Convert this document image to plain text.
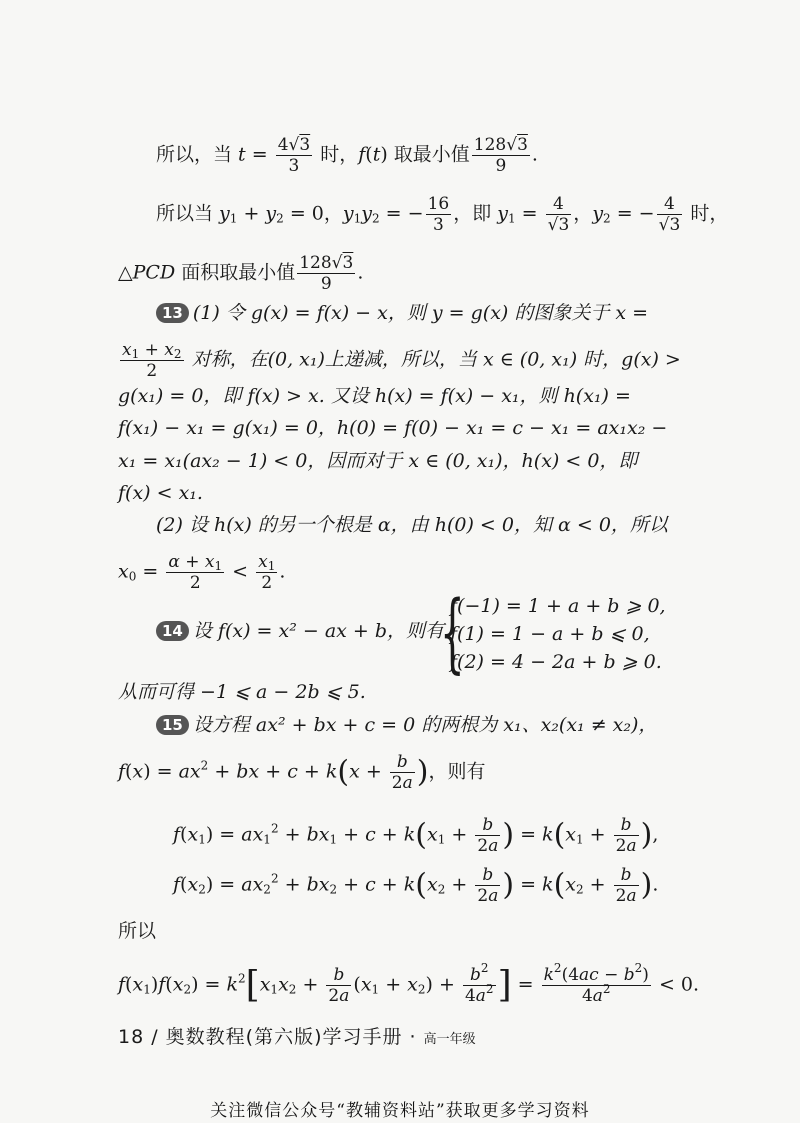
所以，当 $t = \frac{4√3}{3}$ 时，f(t) 取最小值 $\frac{128√3}{9}$ .
所以当 $y_1 + y_2 = 0$，$y_1y_2$ = − $\frac{16}{3}$ ，即 $y_1 = \frac{4}{√3}$ ，$y_2$ = − $\frac{4}{√3}$ 时，
△PCD 面积取最小值 $\frac{128√3}{9}$ .
13 (1) 令 g(x) = f(x) − x，则 y = g(x) 的图象关于 x =
$\frac{x_1 + x_2}{2}$ 对称，在(0, x₁)上递减，所以，当 x ∈ (0, x₁) 时，g(x) >
g(x₁) = 0，即 f(x) > x. 又设 h(x) = f(x) − x₁，则 h(x₁) =
f(x₁) − x₁ = g(x₁) = 0，h(0) = f(0) − x₁ = c − x₁ = ax₁x₂ −
x₁ = x₁(ax₂ − 1) < 0，因而对于 x ∈ (0, x₁)，h(x) < 0，即
f(x) < x₁.
(2) 设 h(x) 的另一个根是 α，由 h(0) < 0，知 α < 0，所以
$x_0 = \frac{\alpha + x_1}{2} < \frac{x_1}{2}$ .
14 设 f(x) = x² − ax + b，则有
{
f(−1) = 1 + a + b ⩾ 0,
f(1) = 1 − a + b ⩽ 0,
f(2) = 4 − 2a + b ⩾ 0.
从而可得 −1 ⩽ a − 2b ⩽ 5.
15 设方程 ax² + bx + c = 0 的两根为 x₁、x₂(x₁ ≠ x₂)，
$f(x) = ax^2$ + bx + $c + k(x + \frac{b}{2a}$ )，则有
$f(x_1) = ax_1^2 + bx_1 + c + k(x_1 + \frac{b}{2a}$ ) = $k(x_1 + \frac{b}{2a}$ ),
$f(x_2) = ax_2^2 + bx_2 + c + k(x_2 + \frac{b}{2a}$ ) = $k(x_2 + \frac{b}{2a}$ ).
所以
$f(x_1)f(x_2) = k^2[x_1x_2 + \frac{b}{2a} (x_1 + x_2) + \frac{b^2}{4a^2}$ ] = $\frac{k^2(4ac - b^2)}{4a^2} < 0$.
18 / 奥数教程(第六版)学习手册 · 高一年级
关注微信公众号“教辅资料站”获取更多学习资料
